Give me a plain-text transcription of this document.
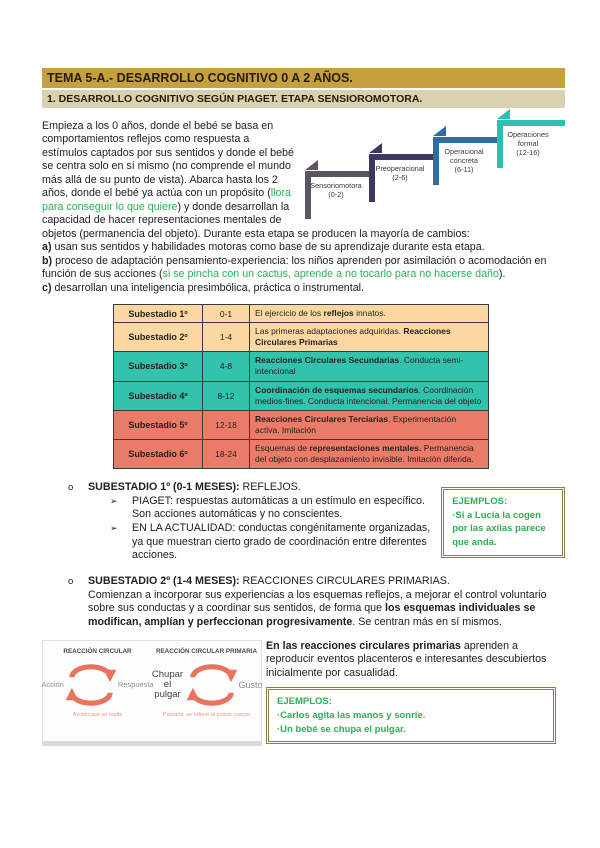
TEMA 5-A.- DESARROLLO COGNITIVO 0 A 2 AÑOS.
1. DESARROLLO COGNITIVO SEGÚN PIAGET. ETAPA SENSIOROMOTORA.
Sensoriomotora
(0-2)
Preoperacional
(2-6)
Operacional concreta
(6-11)
Operaciones formal
(12-16)
Empieza a los 0 años, donde el bebé se basa en comportamientos reflejos como respuesta a estímulos captados por sus sentidos y donde el bebé se centra solo en sí mismo (no comprende el mundo más allá de su punto de vista). Abarca hasta los 2 años, donde el bebé ya actúa con un propósito (llora para conseguir lo que quiere) y donde desarrollan la capacidad de hacer representaciones mentales de objetos (permanencia del objeto). Durante esta etapa se producen la mayoría de cambios:
a) usan sus sentidos y habilidades motoras como base de su aprendizaje durante esta etapa.
b) proceso de adaptación pensamiento-experiencia: los niños aprenden por asimilación o acomodación en función de sus acciones (si se pincha con un cactus, aprende a no tocarlo para no hacerse daño).
c) desarrollan una inteligencia presimbólica, práctica o instrumental.
Subestadio 1º	0-1	El ejercicio de los reflejos innatos.
Subestadio 2º	1-4	Las primeras adaptaciones adquiridas. Reacciones Circulares Primarias
Subestadio 3º	4-8	Reacciones Circulares Secundarias. Conducta semi-intencional
Subestadio 4º	8-12	Coordinación de esquemas secundarios. Coordinación medios-fines. Conducta intencional. Permanencia del objeto
Subestadio 5º	12-18	Reacciones Circulares Terciarias. Experimentación activa. Imitación
Subestadio 6º	18-24	Esquemas de representaciones mentales. Permanencia del objeto con desplazamiento invisible. Imitación diferida.
o	SUBESTADIO 1º (0-1 MESES): REFLEJOS.
➢	PIAGET: respuestas automáticas a un estímulo en específico. Son acciones automáticas y no conscientes.
➢	EN LA ACTUALIDAD: conductas congénitamente organizadas, ya que muestran cierto grado de coordinación entre diferentes acciones.
EJEMPLOS:
·Si a Lucía la cogen por las axilas parece que anda.
o	SUBESTADIO 2º (1-4 MESES): REACCIONES CIRCULARES PRIMARIAS.
Comienzan a incorporar sus experiencias a los esquemas reflejos, a mejorar el control voluntario sobre sus conductas y a coordinar sus sentidos, de forma que los esquemas individuales se modifican, amplían y perfeccionan progresivamente. Se centran más en sí mismos.
REACCIÓN CIRCULAR
Acción	Respuesta
Acción que se repite
REACCIÓN CIRCULAR PRIMARIA
Chupar el pulgar
Gusto
Primaria: se refiere al propio cuerpo
En las reacciones circulares primarias aprenden a reproducir eventos placenteros e interesantes descubiertos inicialmente por casualidad.
EJEMPLOS:
·Carlos agita las manos y sonríe.
·Un bebé se chupa el pulgar.
